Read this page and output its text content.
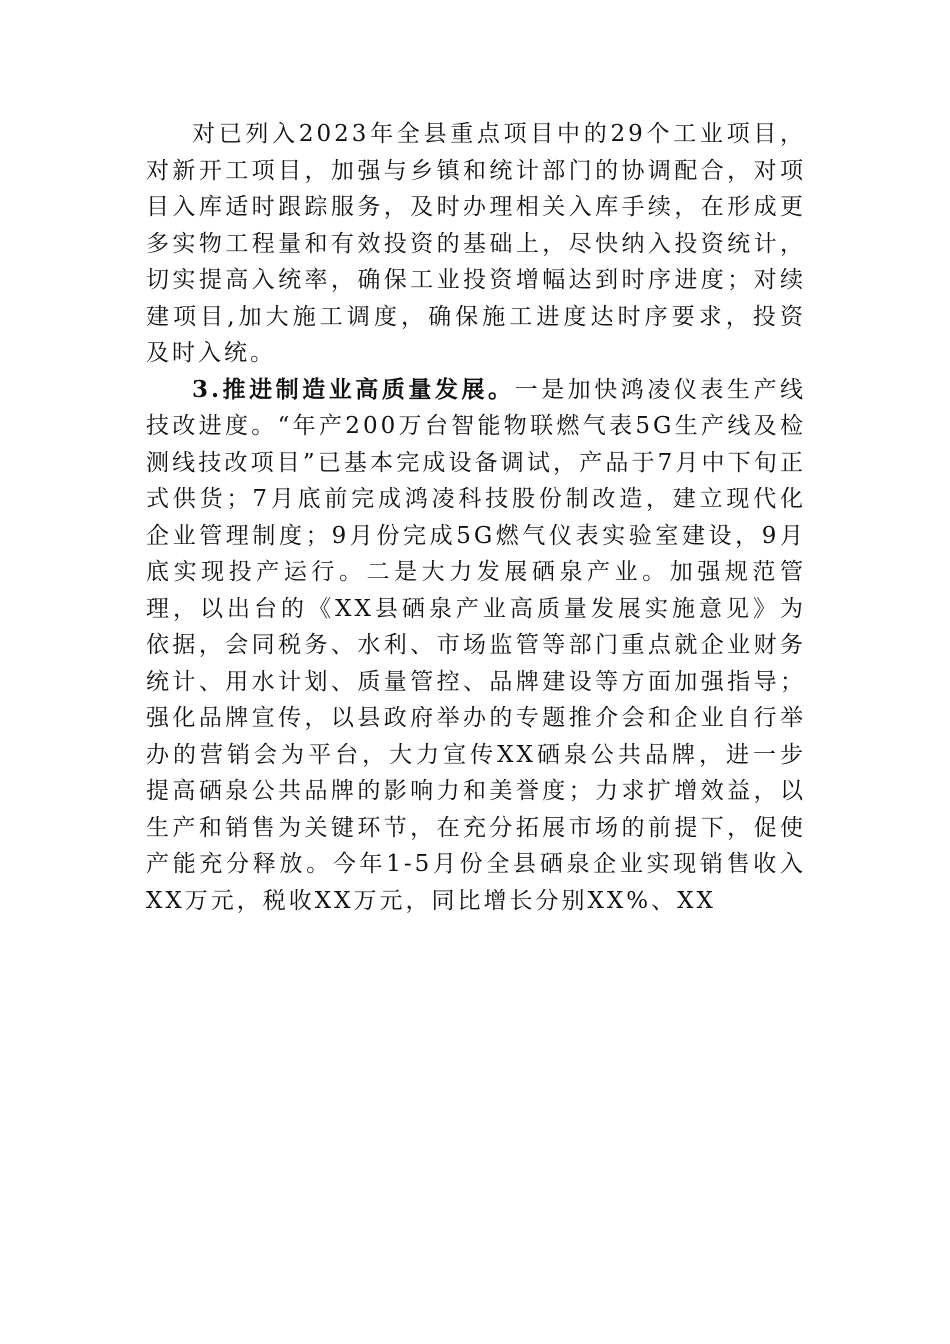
对已列入2023年全县重点项目中的29个工业项目，对新开工项目，加强与乡镇和统计部门的协调配合，对项目入库适时跟踪服务，及时办理相关入库手续，在形成更多实物工程量和有效投资的基础上，尽快纳入投资统计，切实提高入统率，确保工业投资增幅达到时序进度；对续建项目,加大施工调度，确保施工进度达时序要求，投资及时入统。

3.推进制造业高质量发展。一是加快鸿凌仪表生产线技改进度。“年产200万台智能物联燃气表5G生产线及检测线技改项目”已基本完成设备调试，产品于7月中下旬正式供货；7月底前完成鸿凌科技股份制改造，建立现代化企业管理制度；9月份完成5G燃气仪表实验室建设，9月底实现投产运行。二是大力发展硒泉产业。加强规范管理，以出台的《XX县硒泉产业高质量发展实施意见》为依据，会同税务、水利、市场监管等部门重点就企业财务统计、用水计划、质量管控、品牌建设等方面加强指导；强化品牌宣传，以县政府举办的专题推介会和企业自行举办的营销会为平台，大力宣传XX硒泉公共品牌，进一步提高硒泉公共品牌的影响力和美誉度；力求扩增效益，以生产和销售为关键环节，在充分拓展市场的前提下，促使产能充分释放。今年1-5月份全县硒泉企业实现销售收入XX万元，税收XX万元，同比增长分别XX%、XX
